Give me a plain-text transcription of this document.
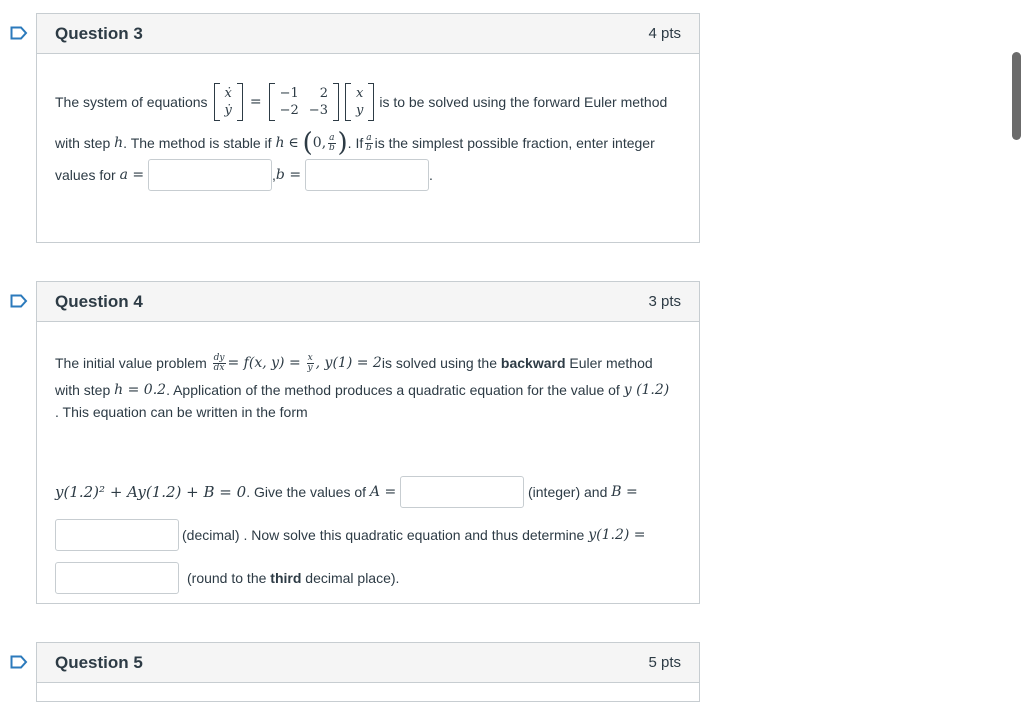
Question 3	4 pts
The system of equations
ẋ
ẏ
=
−1	2
−2 −3
x
y
is to be solved using the forward Euler method
with step
h . The method is stable if
h
∈
( 0, $\frac{a}{b}$ ) . If $\frac{a}{b}$ is the simplest possible fraction, enter integer
values for
a =
	, b =
	.
Question 4	3 pts
The initial value problem
$\frac{dy}{dx} = f(x$, y) =
$\frac{x}{y}$ , y(1) = 2 is solved using the
backward
Euler method
with step
h = 0.2 . Application of the method produces a quadratic equation for the value of
y (1.2)
. This equation can be written in the form
y(1.2)² + Ay(1.2) + B = 0 . Give the values of
A =

	(integer) and
B =
(decimal) . Now solve this quadratic equation and thus determine
y(1.2) =
(round to the
third
decimal place).
Question 5	5 pts
